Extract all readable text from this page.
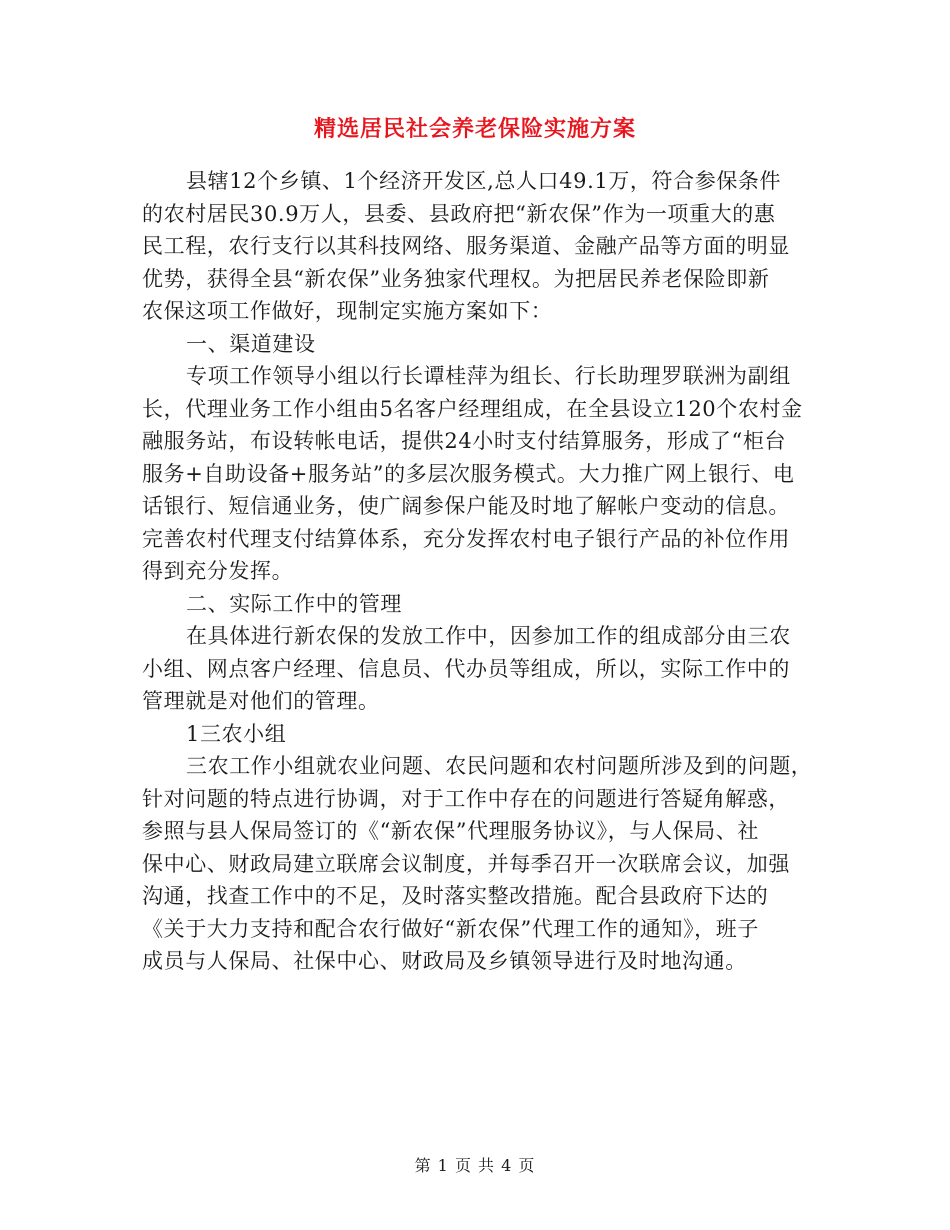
精选居民社会养老保险实施方案
县辖12个乡镇、1个经济开发区,总人口49.1万，符合参保条件
的农村居民30.9万人，县委、县政府把“新农保”作为一项重大的惠
民工程，农行支行以其科技网络、服务渠道、金融产品等方面的明显
优势，获得全县“新农保”业务独家代理权。为把居民养老保险即新
农保这项工作做好，现制定实施方案如下：
一、渠道建设
专项工作领导小组以行长谭桂萍为组长、行长助理罗联洲为副组
长，代理业务工作小组由5名客户经理组成，在全县设立120个农村金
融服务站，布设转帐电话，提供24小时支付结算服务，形成了“柜台
服务+自助设备+服务站”的多层次服务模式。大力推广网上银行、电
话银行、短信通业务，使广阔参保户能及时地了解帐户变动的信息。
完善农村代理支付结算体系，充分发挥农村电子银行产品的补位作用
得到充分发挥。
二、实际工作中的管理
在具体进行新农保的发放工作中，因参加工作的组成部分由三农
小组、网点客户经理、信息员、代办员等组成，所以，实际工作中的
管理就是对他们的管理。
1三农小组
三农工作小组就农业问题、农民问题和农村问题所涉及到的问题，
针对问题的特点进行协调，对于工作中存在的问题进行答疑角解惑，
参照与县人保局签订的《“新农保”代理服务协议》，与人保局、社
保中心、财政局建立联席会议制度，并每季召开一次联席会议，加强
沟通，找查工作中的不足，及时落实整改措施。配合县政府下达的
《关于大力支持和配合农行做好“新农保”代理工作的通知》，班子
成员与人保局、社保中心、财政局及乡镇领导进行及时地沟通。
第 1 页 共 4 页
